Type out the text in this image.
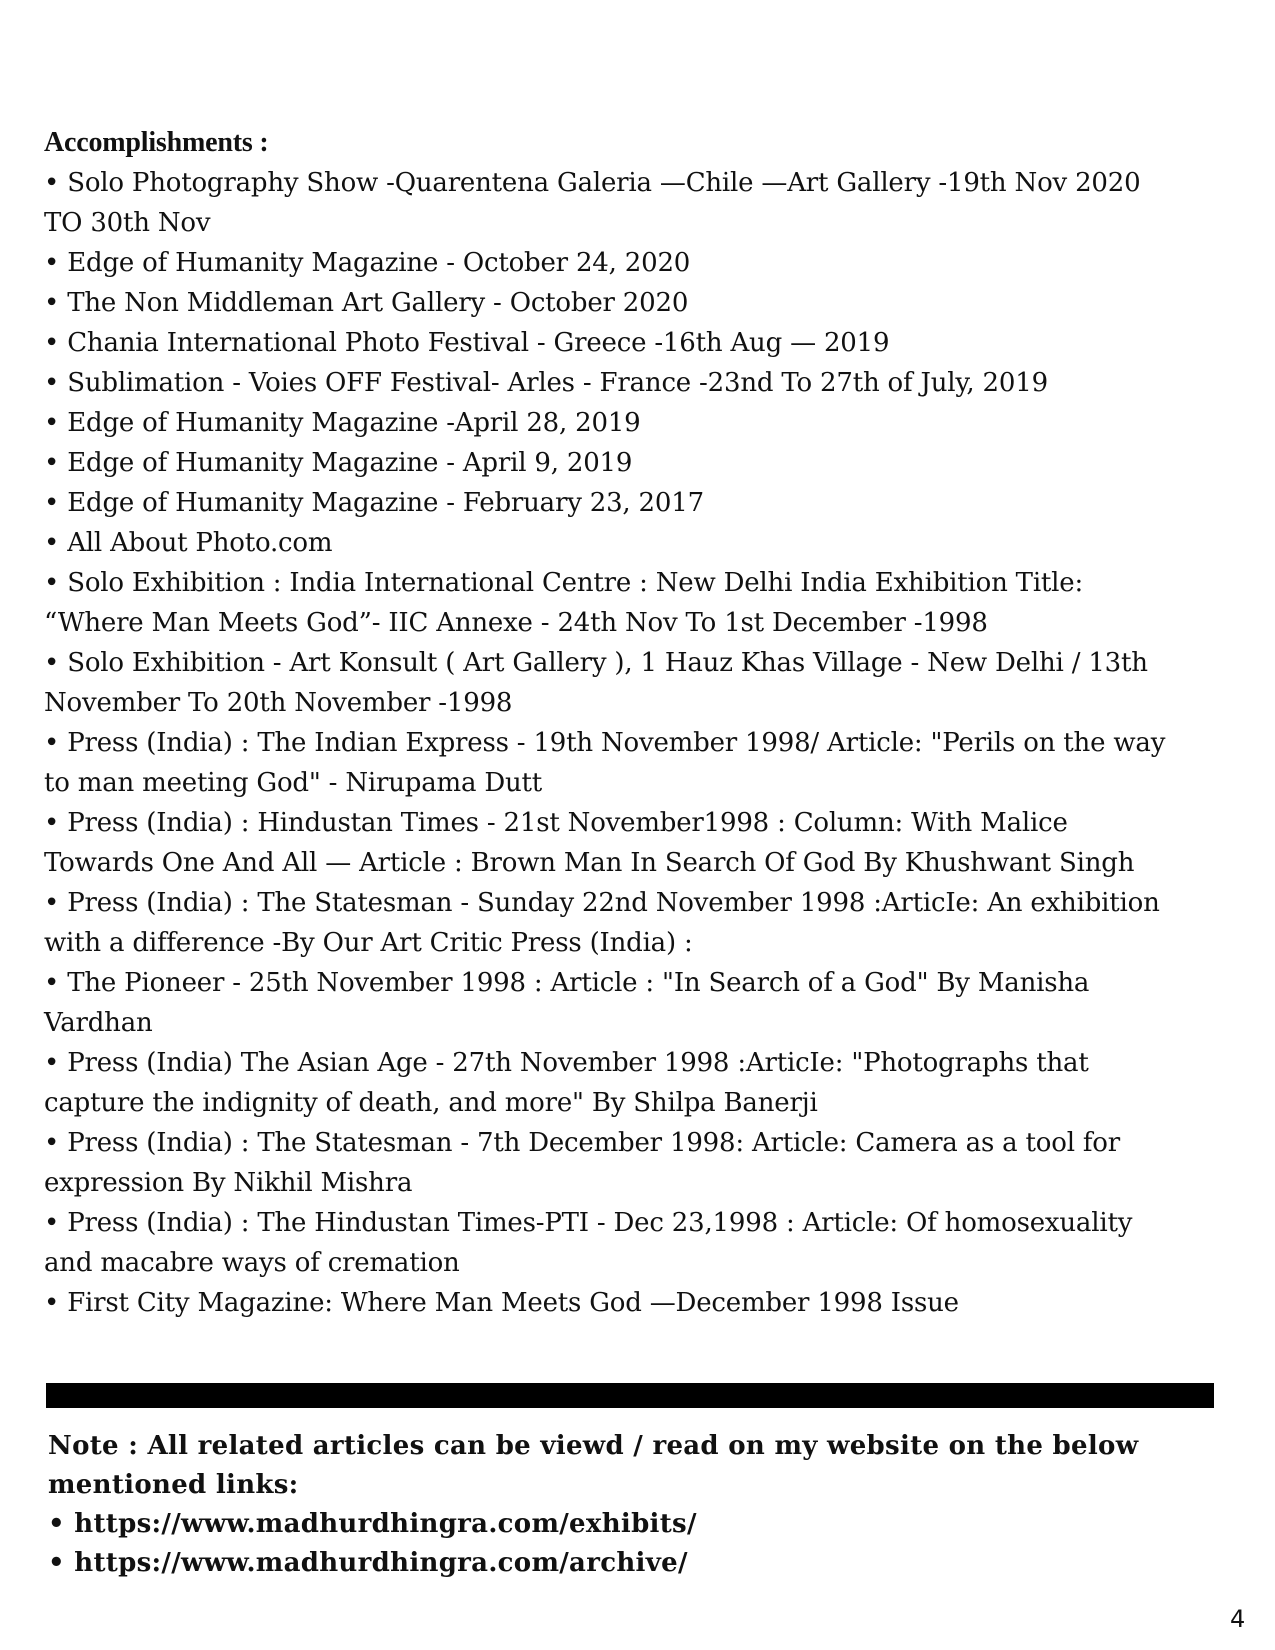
Accomplishments :
• Solo Photography Show -Quarentena Galeria —Chile —Art Gallery -19th Nov 2020 TO 30th Nov
• Edge of Humanity Magazine - October 24, 2020
• The Non Middleman Art Gallery - October 2020
• Chania International Photo Festival - Greece -16th Aug — 2019
• Sublimation - Voies OFF Festival- Arles - France -23nd To 27th of July, 2019
• Edge of Humanity Magazine -April 28, 2019
• Edge of Humanity Magazine - April 9, 2019
• Edge of Humanity Magazine - February 23, 2017
• All About Photo.com
• Solo Exhibition : India International Centre : New Delhi India Exhibition Title: “Where Man Meets God”- IIC Annexe - 24th Nov To 1st December -1998
• Solo Exhibition - Art Konsult ( Art Gallery ), 1 Hauz Khas Village - New Delhi / 13th November To 20th November -1998
• Press (India) : The Indian Express - 19th November 1998/ Article: "Perils on the way to man meeting God" - Nirupama Dutt
• Press (India) : Hindustan Times - 21st November1998 : Column: With Malice Towards One And All — Article : Brown Man In Search Of God By Khushwant Singh
• Press (India) : The Statesman - Sunday 22nd November 1998 :ArticIe: An exhibition with a difference -By Our Art Critic Press (India) :
• The Pioneer - 25th November 1998 : Article : "In Search of a God" By Manisha Vardhan
• Press (India) The Asian Age - 27th November 1998 :ArticIe: "Photographs that capture the indignity of death, and more" By Shilpa Banerji
• Press (India) : The Statesman - 7th December 1998: Article: Camera as a tool for expression By Nikhil Mishra
• Press (India) : The Hindustan Times-PTI - Dec 23,1998 : Article: Of homosexuality and macabre ways of cremation
• First City Magazine: Where Man Meets God —December 1998 Issue

Note : All related articles can be viewd / read on my website on the below mentioned links:

• https://www.madhurdhingra.com/exhibits/
• https://www.madhurdhingra.com/archive/
4
